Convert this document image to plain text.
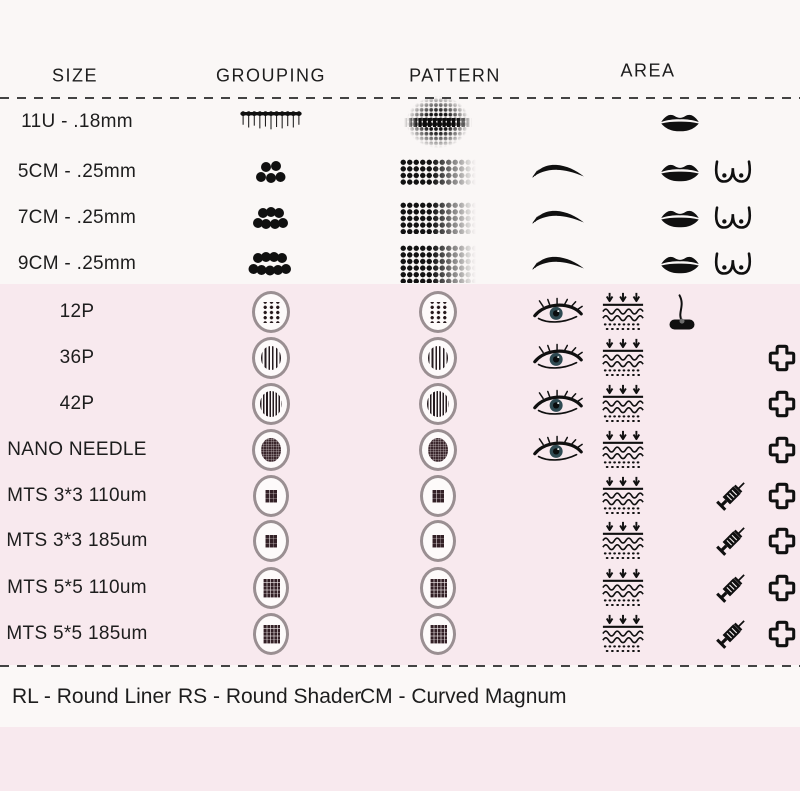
SIZE	GROUPING	PATTERN	AREA
11U - .18mm
5CM - .25mm
7CM - .25mm
9CM - .25mm
12P
36P
42P
NANO NEEDLE
MTS 3*3 110um
MTS 3*3 185um
MTS 5*5 110um
MTS 5*5 185um
RL - Round Liner RS - Round Shader
CM - Curved Magnum
